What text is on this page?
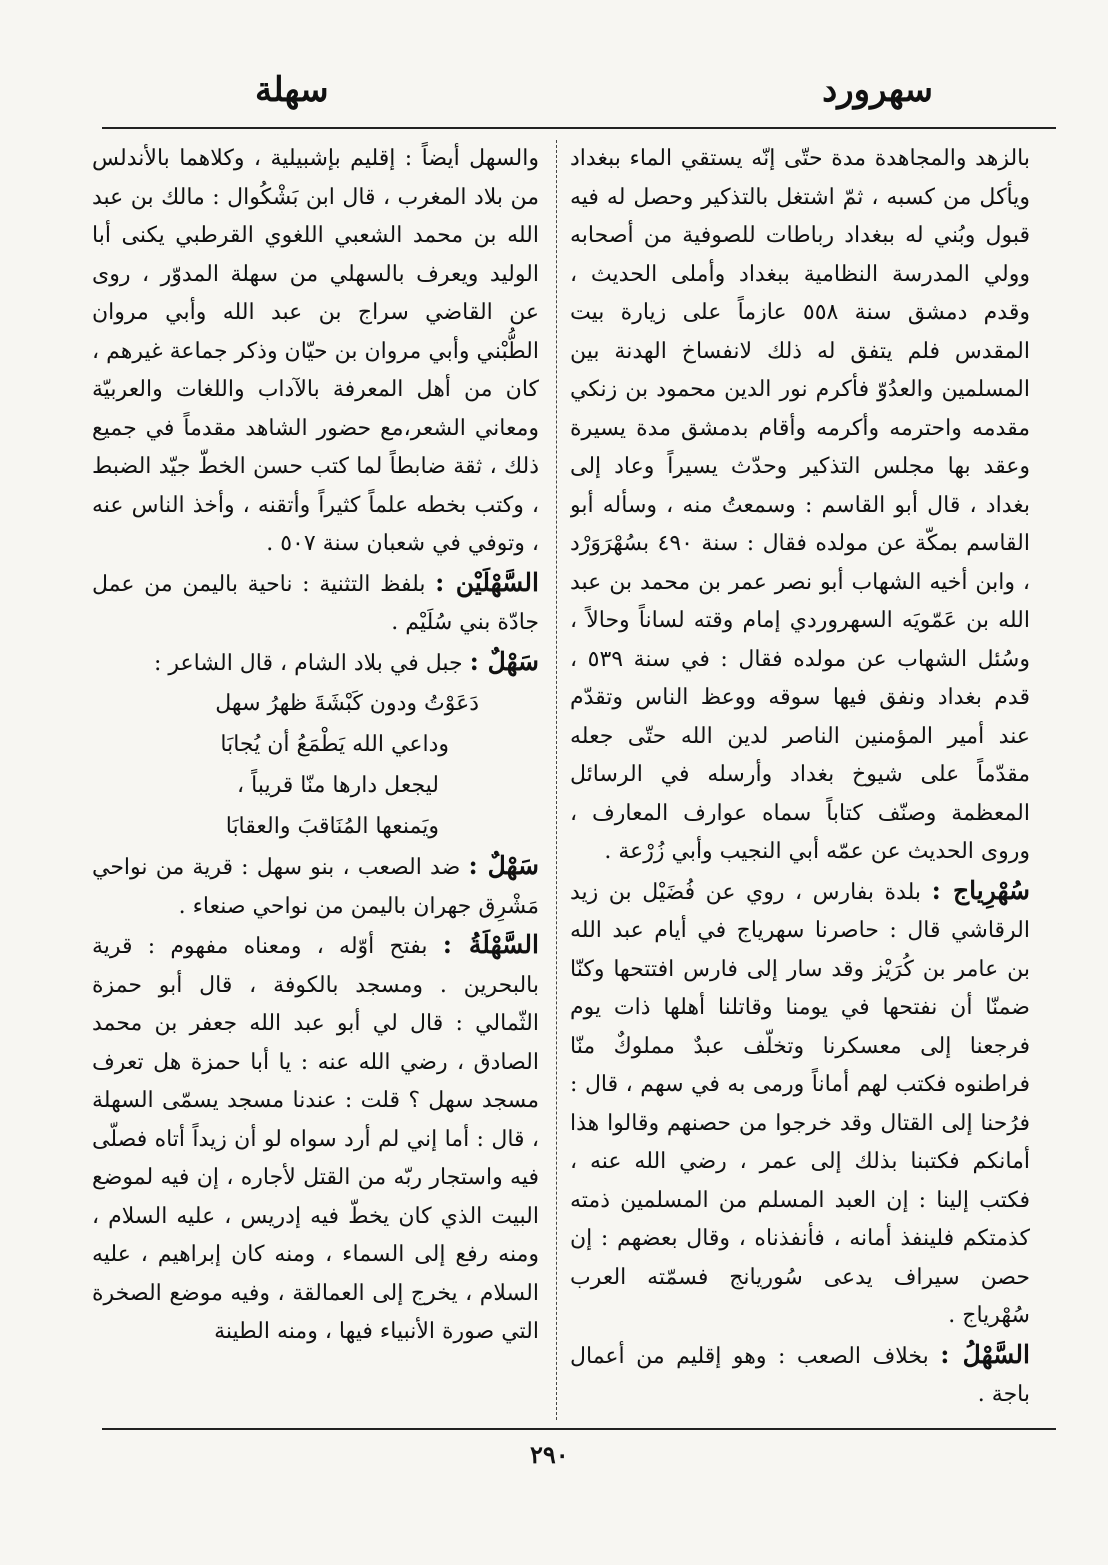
سهرورد
سهلة

بالزهد والمجاهدة مدة حتّى إنّه يستقي الماء ببغداد ويأكل من كسبه ، ثمّ اشتغل بالتذكير وحصل له فيه قبول وبُني له ببغداد رباطات للصوفية من أصحابه وولي المدرسة النظامية ببغداد وأملى الحديث ، وقدم دمشق سنة ٥٥٨ عازماً على زيارة بيت المقدس فلم يتفق له ذلك لانفساخ الهدنة بين المسلمين والعدُوّ فأكرم نور الدين محمود بن زنكي مقدمه واحترمه وأكرمه وأقام بدمشق مدة يسيرة وعقد بها مجلس التذكير وحدّث يسيراً وعاد إلى بغداد ، قال أبو القاسم : وسمعتُ منه ، وسأله أبو القاسم بمكّة عن مولده فقال : سنة ٤٩٠ بسُهْرَوَرْد ، وابن أخيه الشهاب أبو نصر عمر بن محمد بن عبد الله بن عَمّويَه السهروردي إمام وقته لساناً وحالاً ، وسُئل الشهاب عن مولده فقال : في سنة ٥٣٩ ، قدم بغداد ونفق فيها سوقه ووعظ الناس وتقدّم عند أمير المؤمنين الناصر لدين الله حتّى جعله مقدّماً على شيوخ بغداد وأرسله في الرسائل المعظمة وصنّف كتاباً سماه عوارف المعارف ، وروى الحديث عن عمّه أبي النجيب وأبي زُرْعة .

سُهْرِياج : بلدة بفارس ، روي عن فُضَيْل بن زيد الرقاشي قال : حاصرنا سهرياج في أيام عبد الله بن عامر بن كُرَيْز وقد سار إلى فارس افتتحها وكنّا ضمنّا أن نفتحها في يومنا وقاتلنا أهلها ذات يوم فرجعنا إلى معسكرنا وتخلّف عبدٌ مملوكٌ منّا فراطنوه فكتب لهم أماناً ورمى به في سهم ، قال : فرُحنا إلى القتال وقد خرجوا من حصنهم وقالوا هذا أمانكم فكتبنا بذلك إلى عمر ، رضي الله عنه ، فكتب إلينا : إن العبد المسلم من المسلمين ذمته كذمتكم فلينفذ أمانه ، فأنفذناه ، وقال بعضهم : إن حصن سيراف يدعى سُوريانج فسمّته العرب سُهْرياج .

السَّهْلُ : بخلاف الصعب : وهو إقليم من أعمال باجة .

والسهل أيضاً : إقليم بإشبيلية ، وكلاهما بالأندلس من بلاد المغرب ، قال ابن بَشْكُوال : مالك بن عبد الله بن محمد الشعبي اللغوي القرطبي يكنى أبا الوليد ويعرف بالسهلي من سهلة المدوّر ، روى عن القاضي سراج بن عبد الله وأبي مروان الطُّبْني وأبي مروان بن حيّان وذكر جماعة غيرهم ، كان من أهل المعرفة بالآداب واللغات والعربيّة ومعاني الشعر،مع حضور الشاهد مقدماً في جميع ذلك ، ثقة ضابطاً لما كتب حسن الخطّ جيّد الضبط ، وكتب بخطه علماً كثيراً وأتقنه ، وأخذ الناس عنه ، وتوفي في شعبان سنة ٥٠٧ .

السَّهْلَيْن : بلفظ التثنية : ناحية باليمن من عمل جادّة بني سُلَيْم .

سَهْلٌ : جبل في بلاد الشام ، قال الشاعر :

دَعَوْتُ ودون كَبْشَةَ ظهرُ سهل

وداعي الله يَطْمَعُ أن يُجابَا

ليجعل دارها منّا قريباً ،

ويَمنعها المُنَاقبَ والعقابَا

سَهْلٌ : ضد الصعب ، بنو سهل : قرية من نواحي مَشْرِق جهران باليمن من نواحي صنعاء .

السَّهْلَةُ : بفتح أوّله ، ومعناه مفهوم : قرية بالبحرين . ومسجد بالكوفة ، قال أبو حمزة الثّمالي : قال لي أبو عبد الله جعفر بن محمد الصادق ، رضي الله عنه : يا أبا حمزة هل تعرف مسجد سهل ؟ قلت : عندنا مسجد يسمّى السهلة ، قال : أما إني لم أرد سواه لو أن زيداً أتاه فصلّى فيه واستجار ربّه من القتل لأجاره ، إن فيه لموضع البيت الذي كان يخطّ فيه إدريس ، عليه السلام ، ومنه رفع إلى السماء ، ومنه كان إبراهيم ، عليه السلام ، يخرج إلى العمالقة ، وفيه موضع الصخرة التي صورة الأنبياء فيها ، ومنه الطينة

٢٩٠
